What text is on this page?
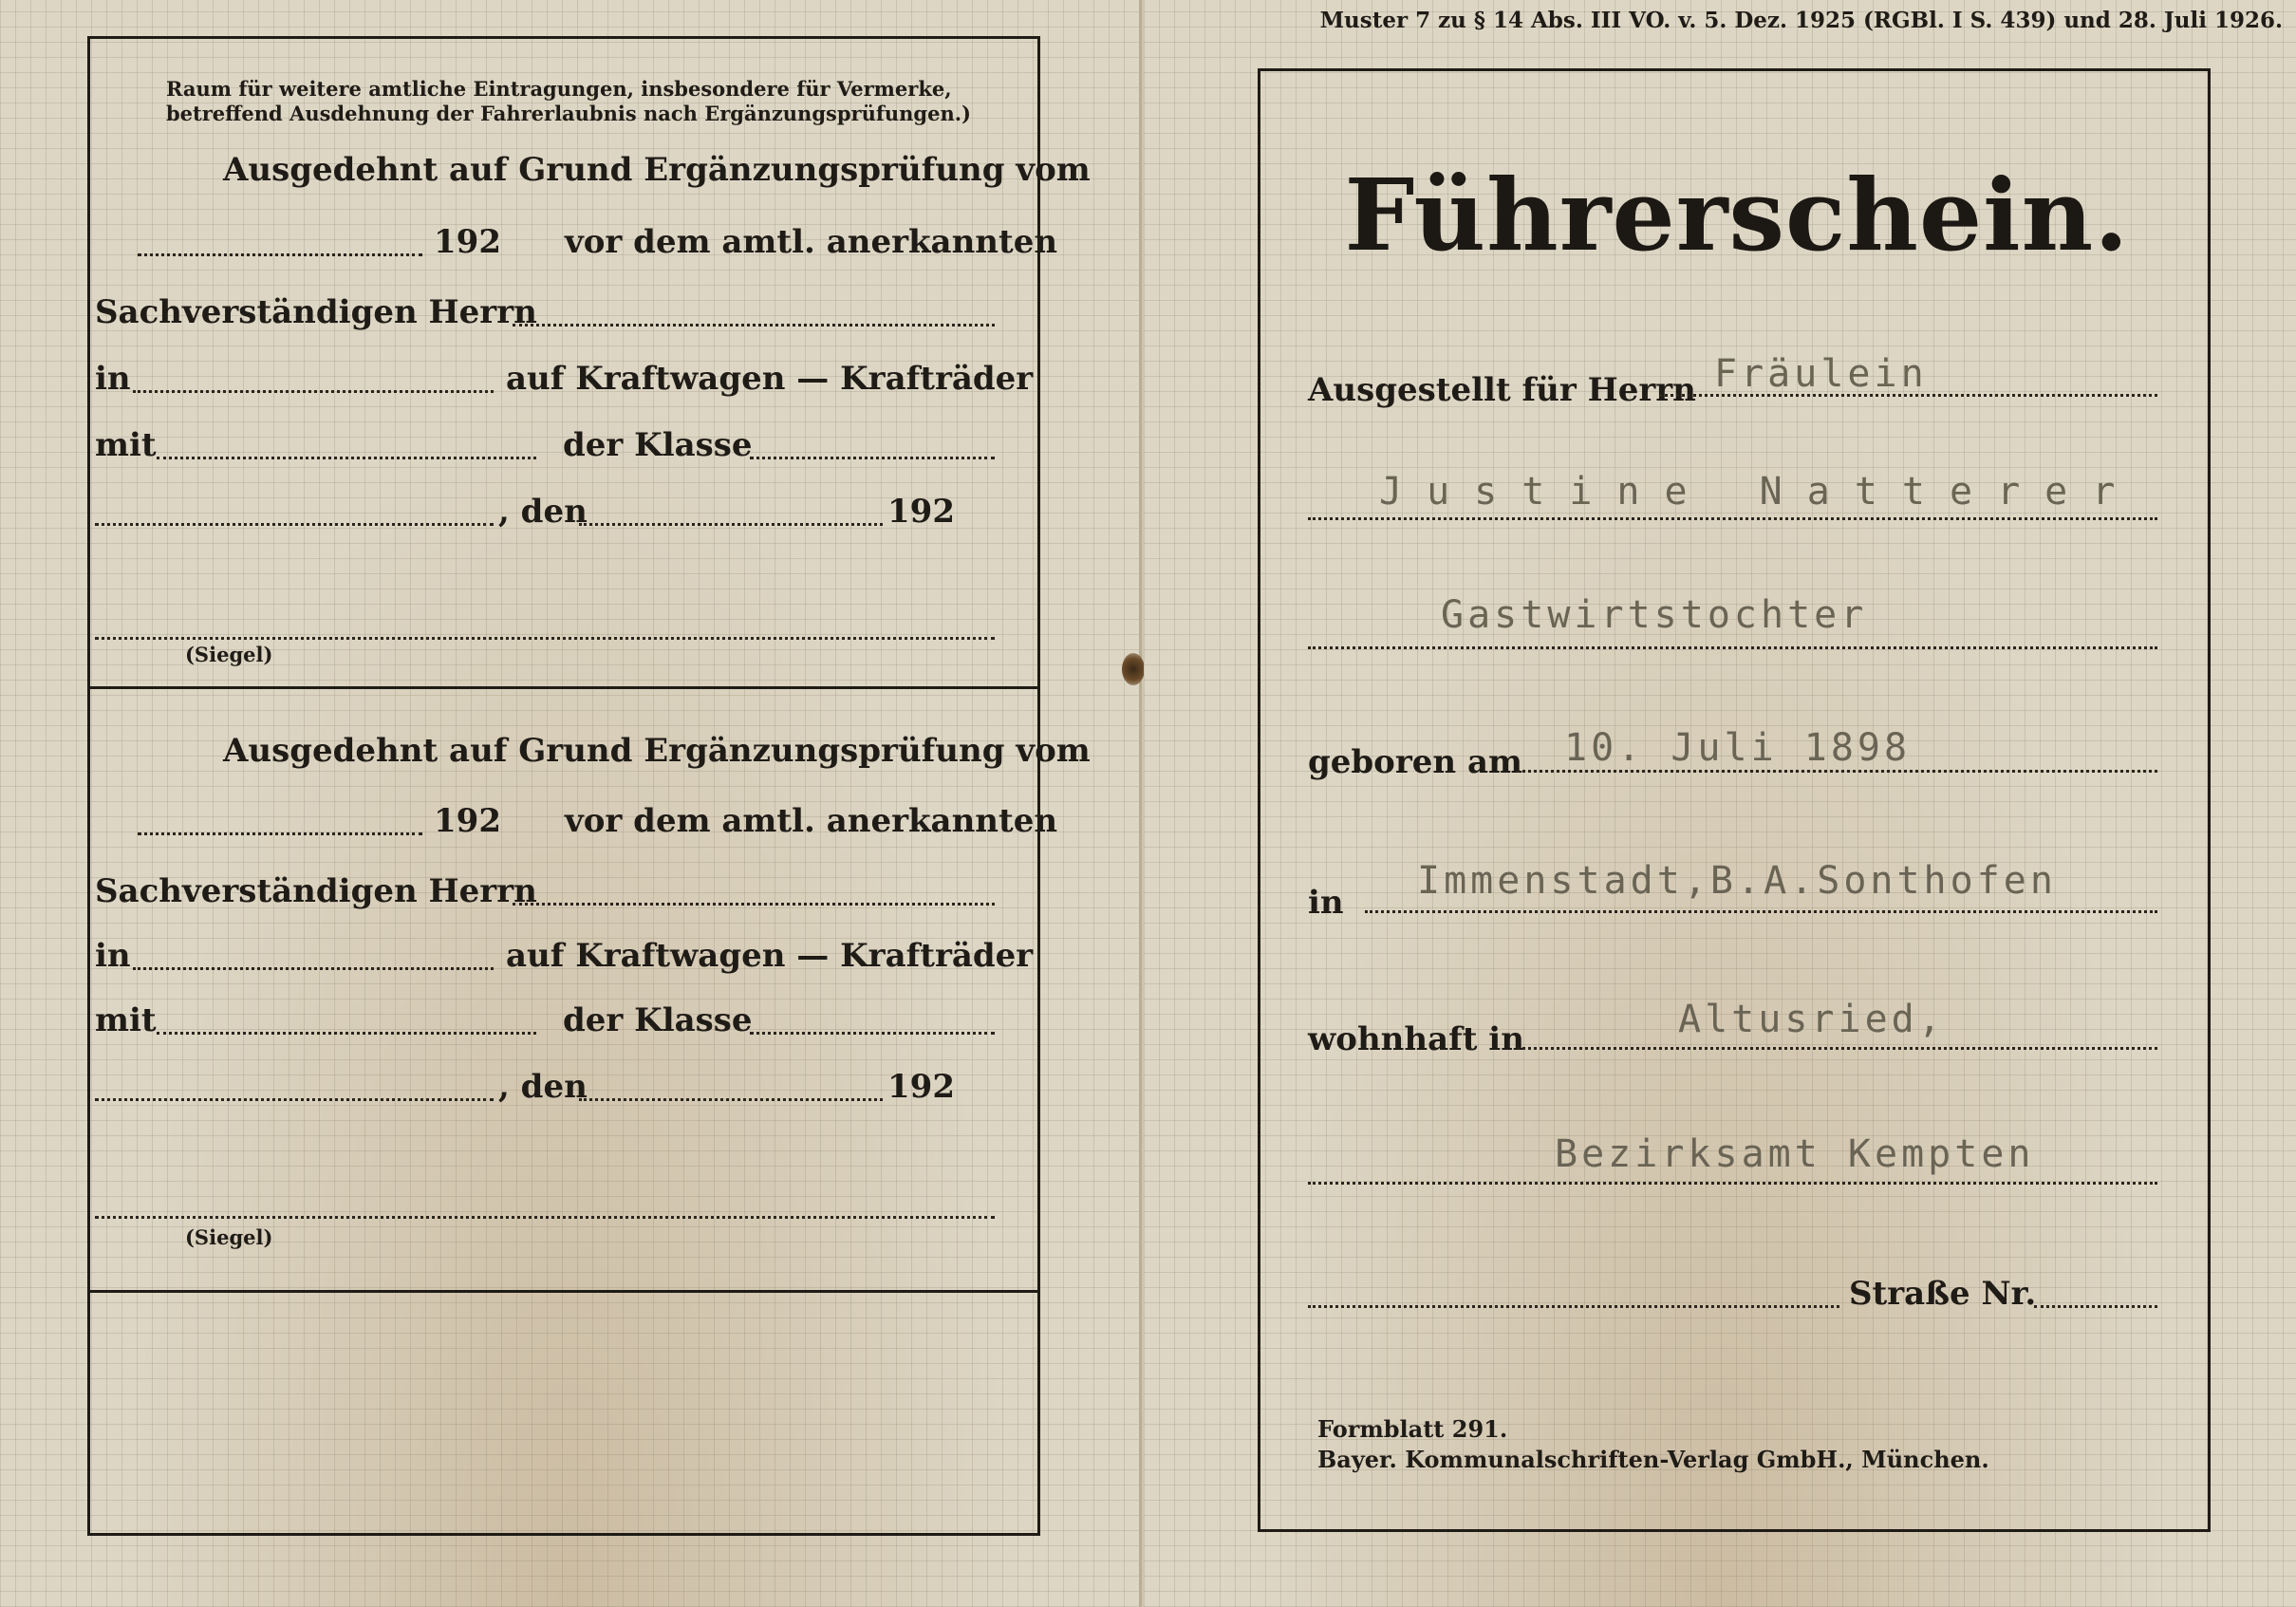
Raum für weitere amtliche Eintragungen, insbesondere für Vermerke,
betreffend Ausdehnung der Fahrerlaubnis nach Ergänzungsprüfungen.)
Ausgedehnt auf Grund Ergänzungsprüfung vom
192 vor dem amtl. anerkannten
Sachverständigen Herrn
in	auf Kraftwagen — Krafträder
mit	der Klasse
, den	192
(Siegel)
Ausgedehnt auf Grund Ergänzungsprüfung vom
192 vor dem amtl. anerkannten
Sachverständigen Herrn
in	auf Kraftwagen — Krafträder
mit	der Klasse
, den	192
(Siegel)
Muster 7 zu § 14 Abs. III VO. v. 5. Dez. 1925 (RGBl. I S. 439) und 28. Juli 1926.
Führerschein.
Ausgestellt für Herrn Fräulein
Justine Natterer
Gastwirtstochter
geboren am 10. Juli 1898
in Immenstadt,B.A.Sonthofen
wohnhaft in	Altusried,
Bezirksamt Kempten
Straße Nr.
Formblatt 291.
Bayer. Kommunalschriften-Verlag GmbH., München.
